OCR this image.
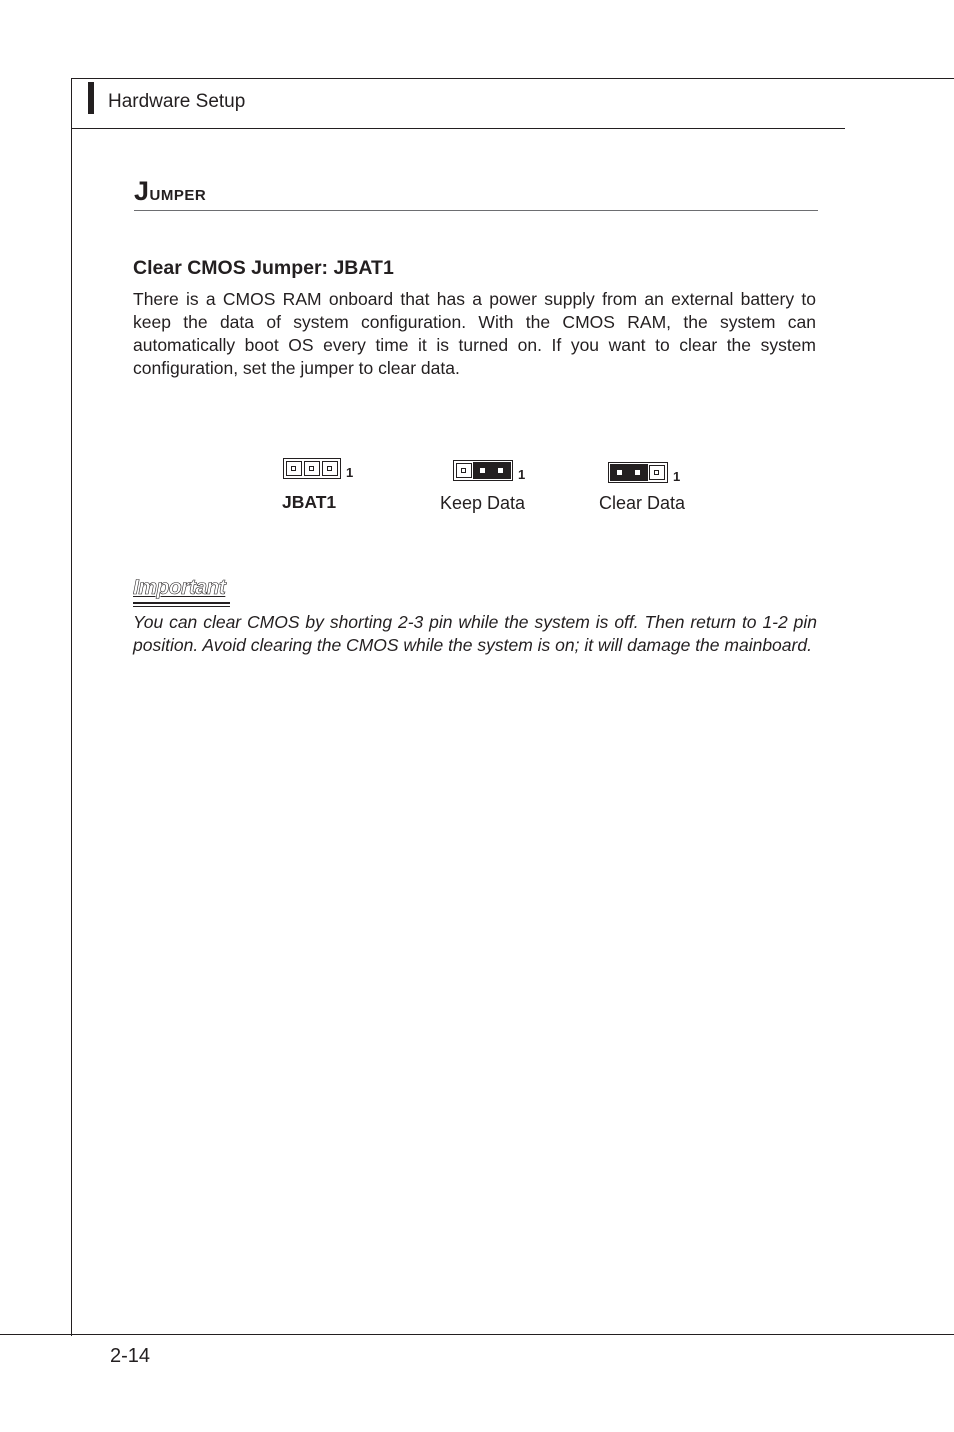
Hardware Setup
Jumper
Clear CMOS Jumper: JBAT1

There is a CMOS RAM onboard that has a power supply from an external battery to keep the data of system configuration. With the CMOS RAM, the system can automatically boot OS every time it is turned on. If you want to clear the system configuration, set the jumper to clear data.

1
JBAT1
1
Keep Data
1
Clear Data
Important

You can clear CMOS by shorting 2-3 pin while the system is off. Then return to 1-2 pin position. Avoid clearing the CMOS while the system is on; it will damage the mainboard.

2-14
